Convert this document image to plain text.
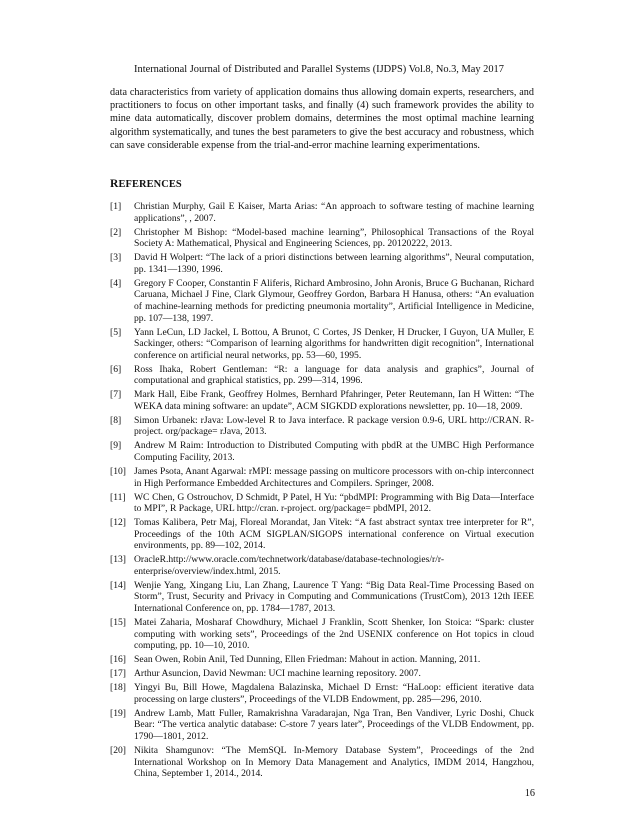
International Journal of Distributed and Parallel Systems (IJDPS) Vol.8, No.3, May 2017

data characteristics from variety of application domains thus allowing domain experts, researchers, and practitioners to focus on other important tasks, and finally (4) such framework provides the ability to mine data automatically, discover problem domains, determines the most optimal machine learning algorithm systematically, and tunes the best parameters to give the best accuracy and robustness, which can save considerable expense from the trial-and-error machine learning experimentations.

REFERENCES
[1]	Christian Murphy, Gail E Kaiser, Marta Arias: “An approach to software testing of machine learning applications”, , 2007.
[2]	Christopher M Bishop: “Model-based machine learning”, Philosophical Transactions of the Royal Society A: Mathematical, Physical and Engineering Sciences, pp. 20120222, 2013.
[3]	David H Wolpert: “The lack of a priori distinctions between learning algorithms”, Neural computation, pp. 1341—1390, 1996.
[4]	Gregory F Cooper, Constantin F Aliferis, Richard Ambrosino, John Aronis, Bruce G Buchanan, Richard Caruana, Michael J Fine, Clark Glymour, Geoffrey Gordon, Barbara H Hanusa, others: “An evaluation of machine-learning methods for predicting pneumonia mortality”, Artificial Intelligence in Medicine, pp. 107—138, 1997.
[5]	Yann LeCun, LD Jackel, L Bottou, A Brunot, C Cortes, JS Denker, H Drucker, I Guyon, UA Muller, E Sackinger, others: “Comparison of learning algorithms for handwritten digit recognition”, International conference on artificial neural networks, pp. 53—60, 1995.
[6]	Ross Ihaka, Robert Gentleman: “R: a language for data analysis and graphics”, Journal of computational and graphical statistics, pp. 299—314, 1996.
[7]	Mark Hall, Eibe Frank, Geoffrey Holmes, Bernhard Pfahringer, Peter Reutemann, Ian H Witten: “The WEKA data mining software: an update”, ACM SIGKDD explorations newsletter, pp. 10—18, 2009.
[8]	Simon Urbanek: rJava: Low-level R to Java interface. R package version 0.9-6, URL http://CRAN. R-project. org/package= rJava, 2013.
[9]	Andrew M Raim: Introduction to Distributed Computing with pbdR at the UMBC High Performance Computing Facility, 2013.
[10] James Psota, Anant Agarwal: rMPI: message passing on multicore processors with on-chip interconnect in High Performance Embedded Architectures and Compilers. Springer, 2008.
[11] WC Chen, G Ostrouchov, D Schmidt, P Patel, H Yu: “pbdMPI: Programming with Big Data—Interface to MPI”, R Package, URL http://cran. r-project. org/package= pbdMPI, 2012.
[12] Tomas Kalibera, Petr Maj, Floreal Morandat, Jan Vitek: “A fast abstract syntax tree interpreter for R”, Proceedings of the 10th ACM SIGPLAN/SIGOPS international conference on Virtual execution environments, pp. 89—102, 2014.
[13] OracleR.http://www.oracle.com/technetwork/database/database-technologies/r/r-enterprise/overview/index.html, 2015.
[14] Wenjie Yang, Xingang Liu, Lan Zhang, Laurence T Yang: “Big Data Real-Time Processing Based on Storm”, Trust, Security and Privacy in Computing and Communications (TrustCom), 2013 12th IEEE International Conference on, pp. 1784—1787, 2013.
[15] Matei Zaharia, Mosharaf Chowdhury, Michael J Franklin, Scott Shenker, Ion Stoica: “Spark: cluster computing with working sets”, Proceedings of the 2nd USENIX conference on Hot topics in cloud computing, pp. 10—10, 2010.
[16] Sean Owen, Robin Anil, Ted Dunning, Ellen Friedman: Mahout in action. Manning, 2011.
[17] Arthur Asuncion, David Newman: UCI machine learning repository. 2007.
[18] Yingyi Bu, Bill Howe, Magdalena Balazinska, Michael D Ernst: “HaLoop: efficient iterative data processing on large clusters”, Proceedings of the VLDB Endowment, pp. 285—296, 2010.
[19] Andrew Lamb, Matt Fuller, Ramakrishna Varadarajan, Nga Tran, Ben Vandiver, Lyric Doshi, Chuck Bear: “The vertica analytic database: C-store 7 years later”, Proceedings of the VLDB Endowment, pp. 1790—1801, 2012.
[20] Nikita Shamgunov: “The MemSQL In-Memory Database System”, Proceedings of the 2nd International Workshop on In Memory Data Management and Analytics, IMDM 2014, Hangzhou, China, September 1, 2014., 2014.
16
